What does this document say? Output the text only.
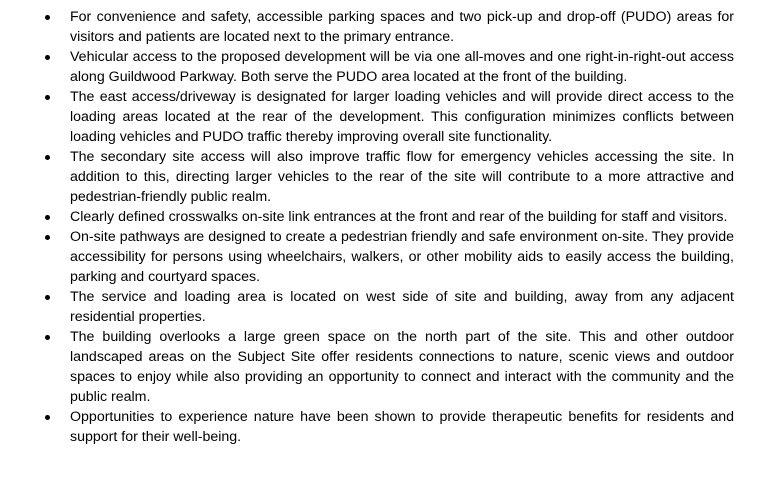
For convenience and safety, accessible parking spaces and two pick-up and drop-off (PUDO) areas for visitors and patients are located next to the primary entrance.
Vehicular access to the proposed development will be via one all-moves and one right-in-right-out access along Guildwood Parkway. Both serve the PUDO area located at the front of the building.
The east access/driveway is designated for larger loading vehicles and will provide direct access to the loading areas located at the rear of the development. This configuration minimizes conflicts between loading vehicles and PUDO traffic thereby improving overall site functionality.
The secondary site access will also improve traffic flow for emergency vehicles accessing the site. In addition to this, directing larger vehicles to the rear of the site will contribute to a more attractive and pedestrian-friendly public realm.
Clearly defined crosswalks on-site link entrances at the front and rear of the building for staff and visitors.
On-site pathways are designed to create a pedestrian friendly and safe environment on-site. They provide accessibility for persons using wheelchairs, walkers, or other mobility aids to easily access the building, parking and courtyard spaces.
The service and loading area is located on west side of site and building, away from any adjacent residential properties.
The building overlooks a large green space on the north part of the site. This and other outdoor landscaped areas on the Subject Site offer residents connections to nature, scenic views and outdoor spaces to enjoy while also providing an opportunity to connect and interact with the community and the public realm.
Opportunities to experience nature have been shown to provide therapeutic benefits for residents and support for their well-being.
